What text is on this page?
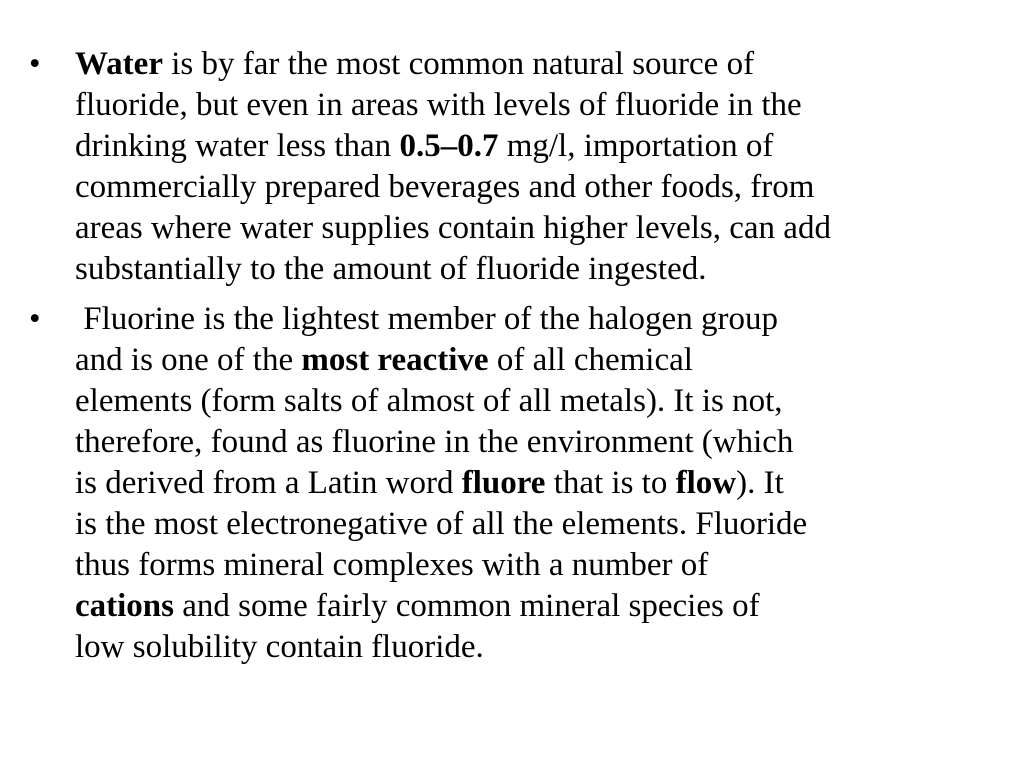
• Water is by far the most common natural source of
fluoride, but even in areas with levels of fluoride in the
drinking water less than 0.5–0.7 mg/l, importation of
commercially prepared beverages and other foods, from
areas where water supplies contain higher levels, can add
substantially to the amount of fluoride ingested.
• Fluorine is the lightest member of the halogen group
and is one of the most reactive of all chemical
elements (form salts of almost of all metals). It is not,
therefore, found as fluorine in the environment (which
is derived from a Latin word fluore that is to flow). It
is the most electronegative of all the elements. Fluoride
thus forms mineral complexes with a number of
cations and some fairly common mineral species of
low solubility contain fluoride.
